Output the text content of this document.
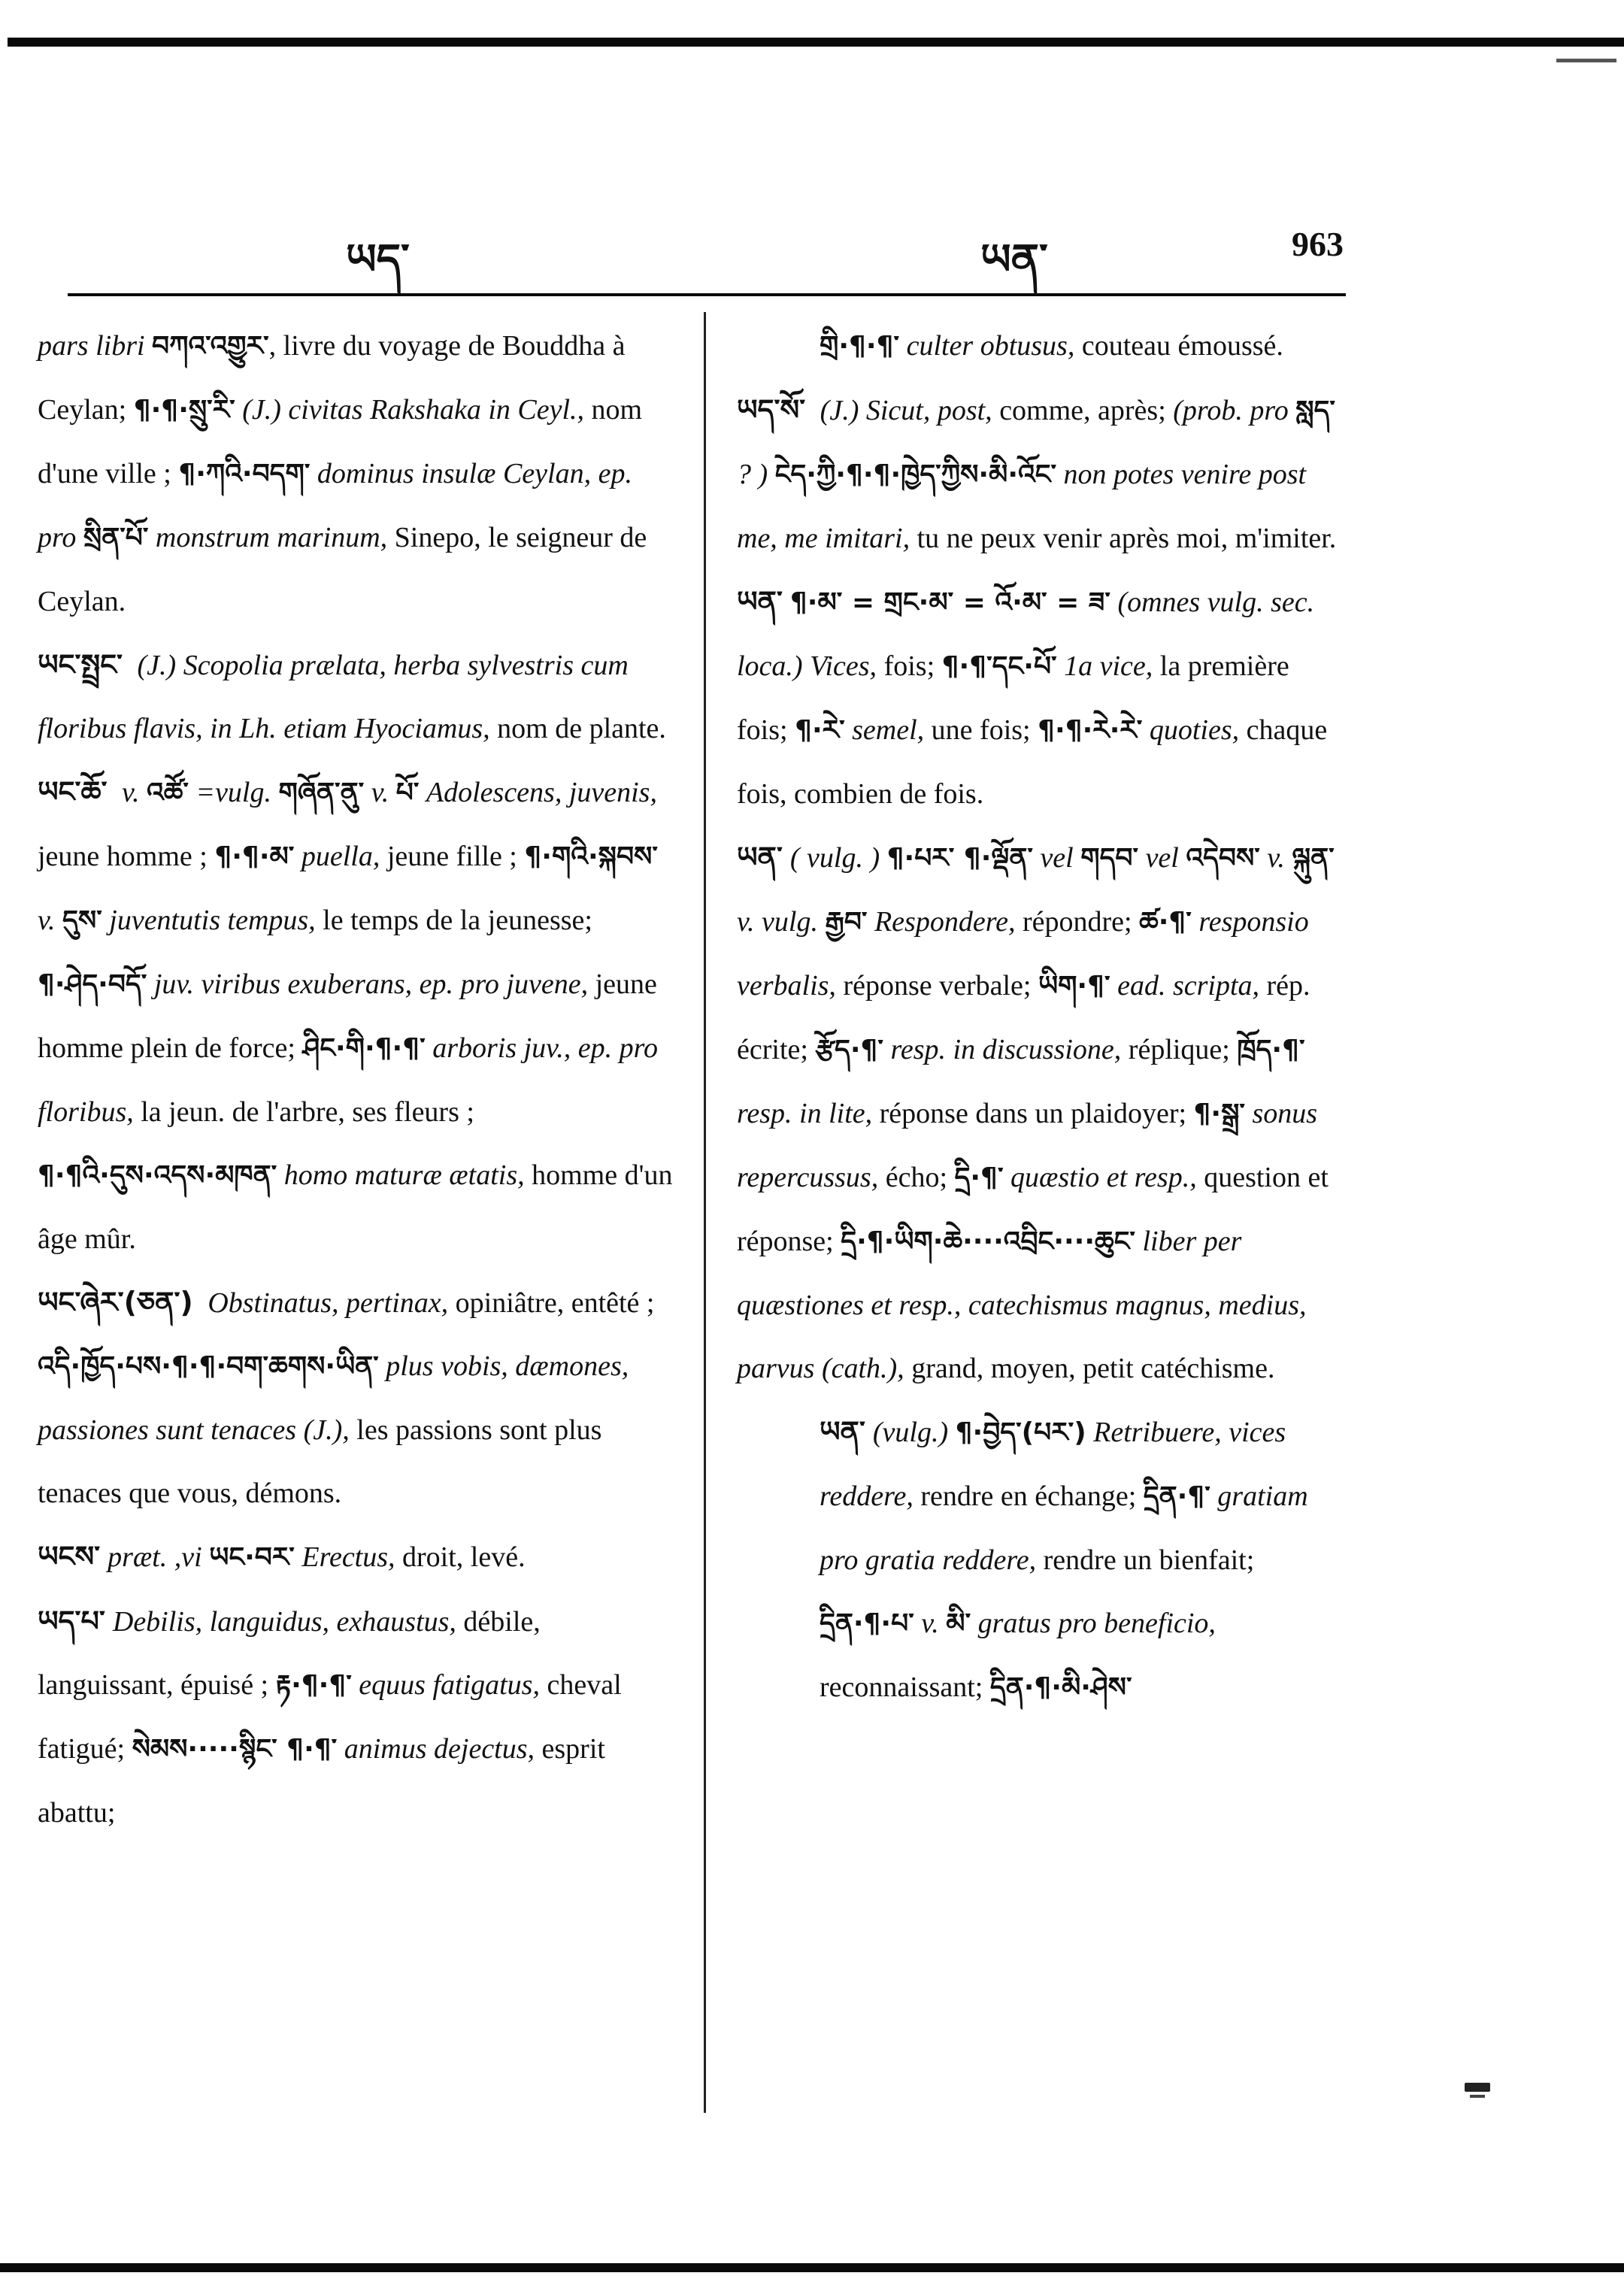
ཡད་	ཡན་	963

pars libri བཀའ་འགྱུར་, livre du voyage de Bouddha à Ceylan; ¶·¶·སྲུ་རི་ (J.) civitas Rakshaka in Ceyl., nom d'une ville ; ¶·ཀའི·བདག་ dominus insulæ Ceylan, ep. pro སྲིན་པོ་ monstrum marinum, Sinepo, le seigneur de Ceylan.

ཡང་སྤྲང་ (J.) Scopolia prælata, herba sylvestris cum floribus flavis, in Lh. etiam Hyociamus, nom de plante.

ཡང་ཆོ་ v. འཚོ་ =vulg. གཞོན་ནུ་ v. པོ་ Adolescens, juvenis, jeune homme ; ¶·¶·མ་ puella, jeune fille ; ¶·གའི·སྐབས་ v. དུས་ juventutis tempus, le temps de la jeunesse; ¶·ཤེད·བདོ་ juv. viribus exuberans, ep. pro juvene, jeune homme plein de force; ཤིང·གི·¶·¶་ arboris juv., ep. pro floribus, la jeun. de l'arbre, ses fleurs ; ¶·¶འི·དུས·འདས·མཁན་ homo maturæ ætatis, homme d'un âge mûr.

ཡང་ཞེར་(ཅན་) Obstinatus, pertinax, opiniâtre, entêté ; འདི·ཁྱོད·པས·¶·¶·བག་ཆགས·ཡིན་ plus vobis, dæmones, passiones sunt tenaces (J.), les passions sont plus tenaces que vous, démons.

ཡངས་ præt. ,vi ཡང·བར་ Erectus, droit, levé.

ཡད་པ་ Debilis, languidus, exhaustus, débile, languissant, épuisé ; རྟ·¶·¶་ equus fatigatus, cheval fatigué; སེམས·····སྙིང་ ¶·¶་ animus dejectus, esprit abattu;

གྲི·¶·¶་ culter obtusus, couteau émoussé.

ཡད་སོ་ (J.) Sicut, post, comme, après; (prob. pro སླད་ ? ) ངེད·ཀྱི·¶·¶·ཁྱེད་ཀྱིས·མི·འོང་ non potes venire post me, me imitari, tu ne peux venir après moi, m'imiter.

ཡན་ ¶·མ་ = གྲང·མ་ = འོ·མ་ = ཟ་ (omnes vulg. sec. loca.) Vices, fois; ¶·¶་དང·པོ་ 1a vice, la première fois; ¶·རེ་ semel, une fois; ¶·¶·རེ·རེ་ quoties, chaque fois, combien de fois.

ཡན་ ( vulg. ) ¶·པར་ ¶·ལྡོན་ vel གདབ་ vel འདེབས་ v. ལྐུན་ v. vulg. རྒྱབ་ Respondere, répondre; ཚ·¶་ responsio verbalis, réponse verbale; ཡིག·¶་ ead. scripta, rép. écrite; རྩོད·¶་ resp. in discussione, réplique; ཁྲོད·¶་ resp. in lite, réponse dans un plaidoyer; ¶·སྒྲ་ sonus repercussus, écho; དྲི·¶་ quæstio et resp., question et réponse; དྲི·¶·ཡིག·ཆེ····འབྲིང····ཆུང་ liber per quæstiones et resp., catechismus magnus, medius, parvus (cath.), grand, moyen, petit catéchisme.

ཡན་ (vulg.) ¶·བྱེད་(པར་) Retribuere, vices reddere, rendre en échange; དྲིན·¶་ gratiam pro gratia reddere, rendre un bienfait; དྲིན·¶·པ་ v. མི་ gratus pro beneficio, reconnaissant; དྲིན·¶·མི·ཤེས་
